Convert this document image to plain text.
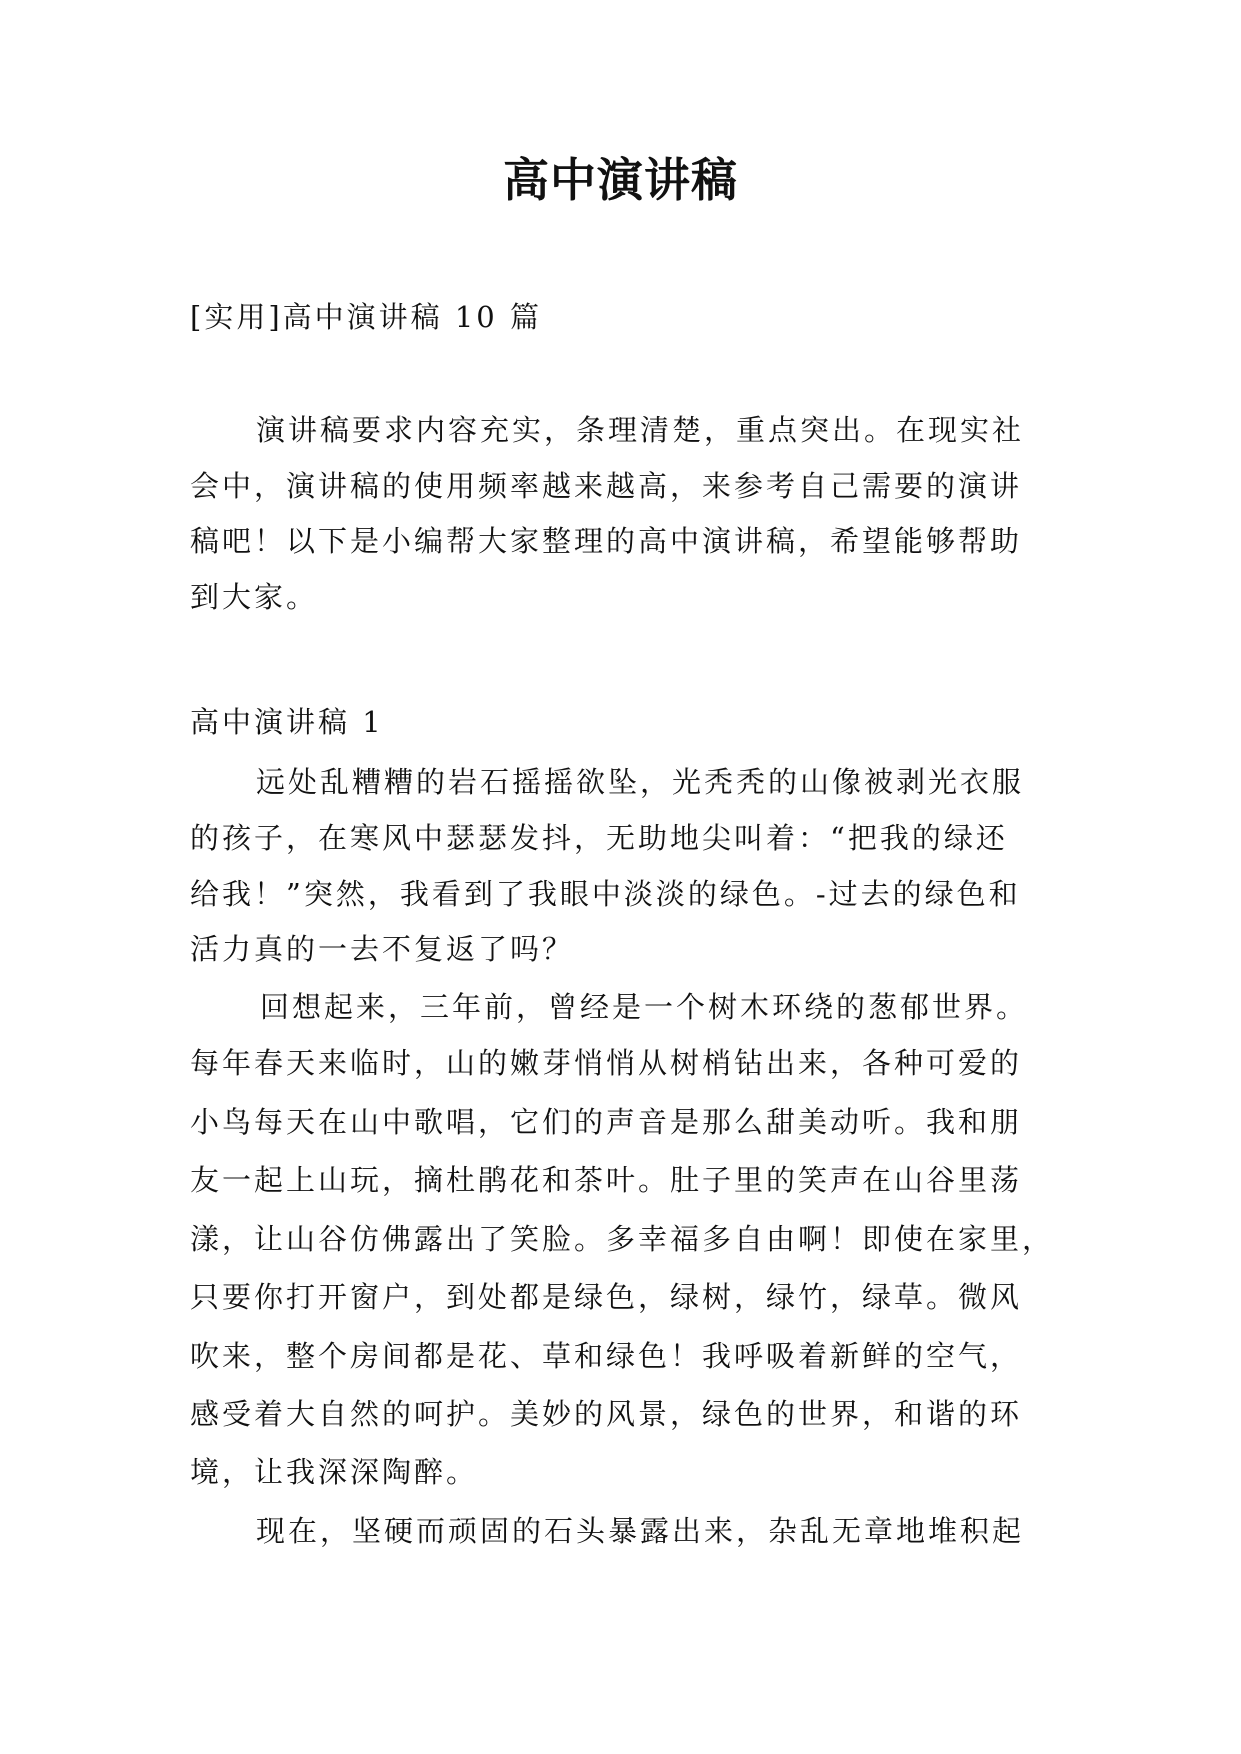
高中演讲稿
[实用]高中演讲稿 10 篇
演讲稿要求内容充实，条理清楚，重点突出。在现实社
会中，演讲稿的使用频率越来越高，来参考自己需要的演讲
稿吧！以下是小编帮大家整理的高中演讲稿，希望能够帮助
到大家。
高中演讲稿 1
远处乱糟糟的岩石摇摇欲坠，光秃秃的山像被剥光衣服
的孩子，在寒风中瑟瑟发抖，无助地尖叫着：“把我的绿还
给我！”突然，我看到了我眼中淡淡的绿色。-过去的绿色和
活力真的一去不复返了吗？
回想起来，三年前，曾经是一个树木环绕的葱郁世界。
每年春天来临时，山的嫩芽悄悄从树梢钻出来，各种可爱的
小鸟每天在山中歌唱，它们的声音是那么甜美动听。我和朋
友一起上山玩，摘杜鹃花和茶叶。肚子里的笑声在山谷里荡
漾，让山谷仿佛露出了笑脸。多幸福多自由啊！即使在家里，
只要你打开窗户，到处都是绿色，绿树，绿竹，绿草。微风
吹来，整个房间都是花、草和绿色！我呼吸着新鲜的空气，
感受着大自然的呵护。美妙的风景，绿色的世界，和谐的环
境，让我深深陶醉。
现在，坚硬而顽固的石头暴露出来，杂乱无章地堆积起
